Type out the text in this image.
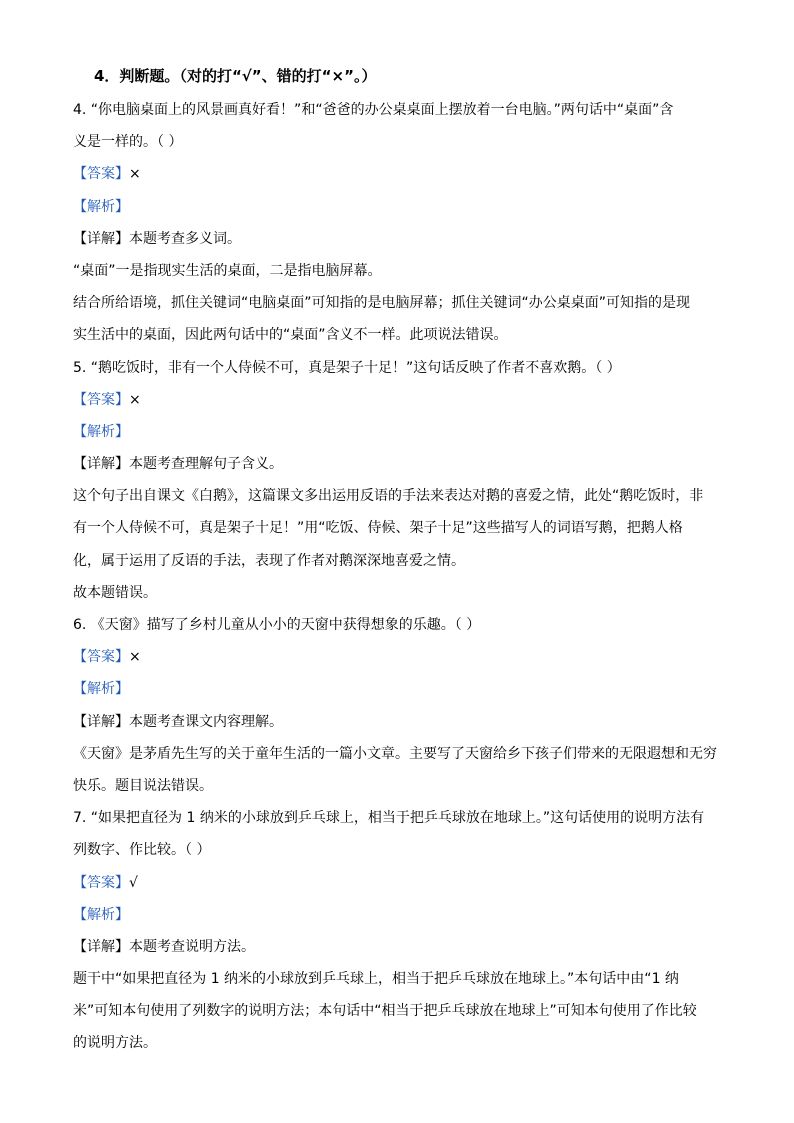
4．判断题。（对的打“√”、错的打“×”。）
4. “你电脑桌面上的风景画真好看！”和“爸爸的办公桌桌面上摆放着一台电脑。”两句话中“桌面”含
义是一样的。（ ）
【答案】×
【解析】
【详解】本题考查多义词。
“桌面”一是指现实生活的桌面，二是指电脑屏幕。
结合所给语境，抓住关键词“电脑桌面”可知指的是电脑屏幕；抓住关键词“办公桌桌面”可知指的是现
实生活中的桌面，因此两句话中的“桌面”含义不一样。此项说法错误。
5. “鹅吃饭时，非有一个人侍候不可，真是架子十足！”这句话反映了作者不喜欢鹅。（ ）
【答案】×
【解析】
【详解】本题考查理解句子含义。
这个句子出自课文《白鹅》，这篇课文多出运用反语的手法来表达对鹅的喜爱之情，此处“鹅吃饭时，非
有一个人侍候不可，真是架子十足！”用“吃饭、侍候、架子十足”这些描写人的词语写鹅，把鹅人格
化，属于运用了反语的手法，表现了作者对鹅深深地喜爱之情。
故本题错误。
6. 《天窗》描写了乡村儿童从小小的天窗中获得想象的乐趣。（ ）
【答案】×
【解析】
【详解】本题考查课文内容理解。
《天窗》是茅盾先生写的关于童年生活的一篇小文章。主要写了天窗给乡下孩子们带来的无限遐想和无穷
快乐。题目说法错误。
7. “如果把直径为 1 纳米的小球放到乒乓球上，相当于把乒乓球放在地球上。”这句话使用的说明方法有
列数字、作比较。（ ）
【答案】√
【解析】
【详解】本题考查说明方法。
题干中“如果把直径为 1 纳米的小球放到乒乓球上，相当于把乒乓球放在地球上。”本句话中由“1 纳
米”可知本句使用了列数字的说明方法；本句话中“相当于把乒乓球放在地球上”可知本句使用了作比较
的说明方法。
